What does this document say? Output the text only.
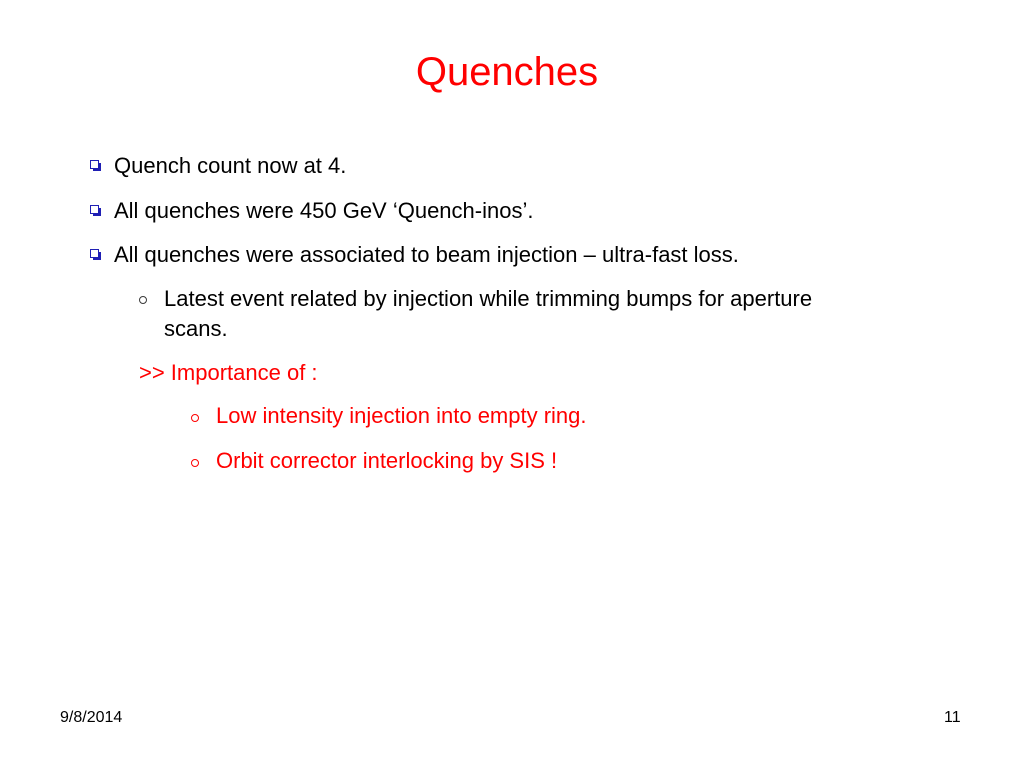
Quenches
Quench count now at 4.
All quenches were 450 GeV ‘Quench-inos’.
All quenches were associated to beam injection – ultra-fast loss.
Latest event related by injection while trimming bumps for aperture
scans.
>> Importance of :
Low intensity injection into empty ring.
Orbit corrector interlocking by SIS !
9/8/2014	11
